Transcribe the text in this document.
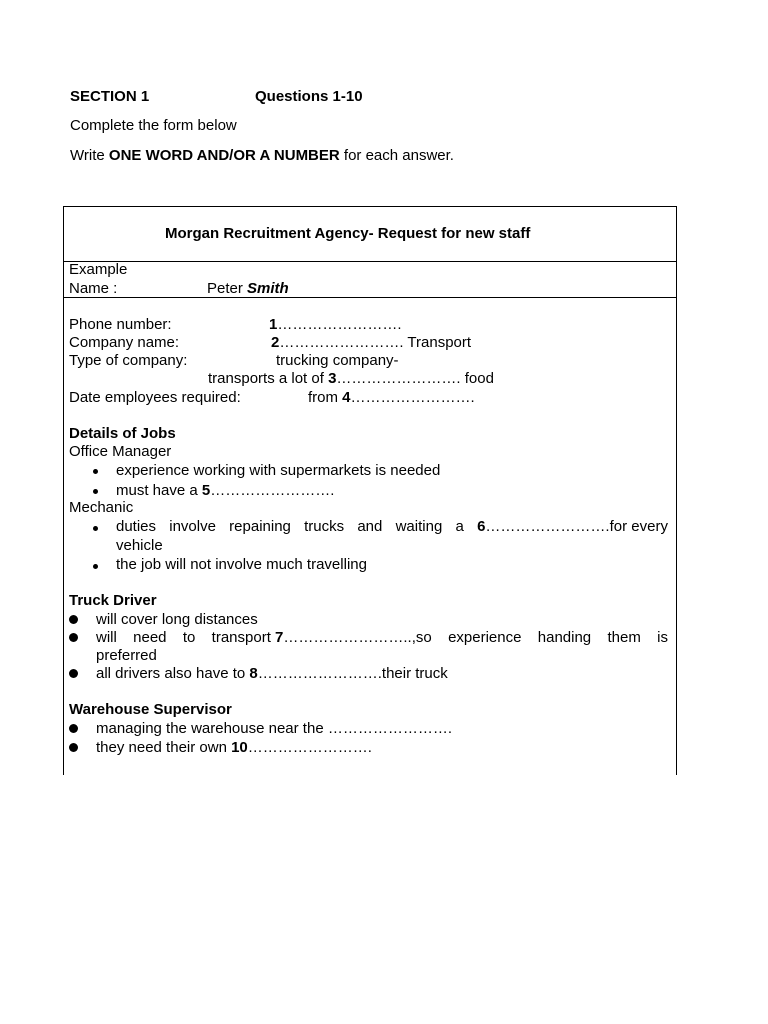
SECTION 1	Questions 1-10
Complete the form below
Write ONE WORD AND/OR A NUMBER for each answer.
Morgan Recruitment Agency- Request for new staff
Example
Name :	Peter Smith
Phone number:	1…………………….
Company name:	2……………………. Transport
Type of company:	trucking company-
transports a lot of 3……………………. food
Date employees required:	from 4…………………….
Details of Jobs
Office Manager
experience working with supermarkets is needed
must have a 5…………………….
Mechanic
duties involve repaining trucks and waiting a 6…………………….for every
vehicle
the job will not involve much travelling
Truck Driver
will cover long distances
will need to transport 7……………………..,so experience handing them is
preferred
all drivers also have to 8…………………….their truck
Warehouse Supervisor
managing the warehouse near the …………………….
they need their own 10…………………….
